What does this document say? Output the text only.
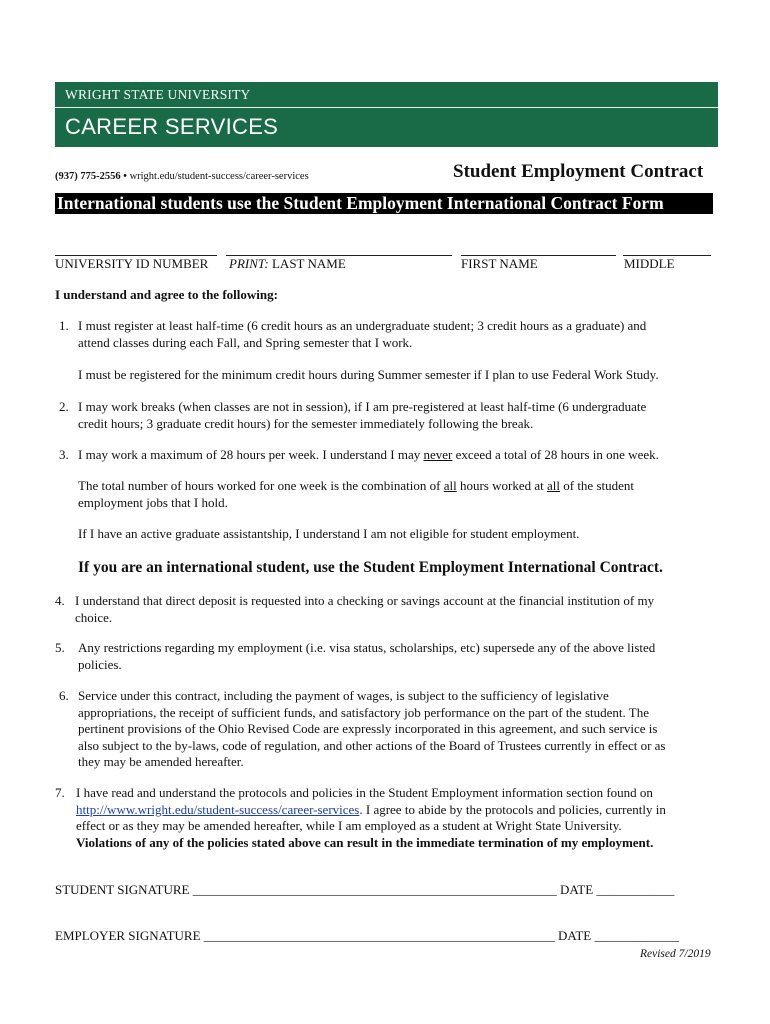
WRIGHT STATE UNIVERSITY
CAREER SERVICES
(937) 775-2556 • wright.edu/student-success/career-services	Student Employment Contract
International students use the Student Employment International Contract Form
UNIVERSITY ID NUMBER PRINT: LAST NAME	FIRST NAME	MIDDLE
I understand and agree to the following:
1. I must register at least half-time (6 credit hours as an undergraduate student; 3 credit hours as a graduate) and
attend classes during each Fall, and Spring semester that I work.
I must be registered for the minimum credit hours during Summer semester if I plan to use Federal Work Study.
2. I may work breaks (when classes are not in session), if I am pre-registered at least half-time (6 undergraduate
credit hours; 3 graduate credit hours) for the semester immediately following the break.
3. I may work a maximum of 28 hours per week. I understand I may never exceed a total of 28 hours in one week.
The total number of hours worked for one week is the combination of all hours worked at all of the student
employment jobs that I hold.
If I have an active graduate assistantship, I understand I am not eligible for student employment.
If you are an international student, use the Student Employment International Contract.
4. I understand that direct deposit is requested into a checking or savings account at the financial institution of my
choice.
5. Any restrictions regarding my employment (i.e. visa status, scholarships, etc) supersede any of the above listed
policies.
6. Service under this contract, including the payment of wages, is subject to the sufficiency of legislative
appropriations, the receipt of sufficient funds, and satisfactory job performance on the part of the student. The
pertinent provisions of the Ohio Revised Code are expressly incorporated in this agreement, and such service is
also subject to the by-laws, code of regulation, and other actions of the Board of Trustees currently in effect or as
they may be amended hereafter.
7. I have read and understand the protocols and policies in the Student Employment information section found on
http://www.wright.edu/student-success/career-services. I agree to abide by the protocols and policies, currently in
effect or as they may be amended hereafter, while I am employed as a student at Wright State University.
Violations of any of the policies stated above can result in the immediate termination of my employment.
STUDENT SIGNATURE ________________________________________________________ DATE ____________
EMPLOYER SIGNATURE ______________________________________________________ DATE _____________
Revised 7/2019
